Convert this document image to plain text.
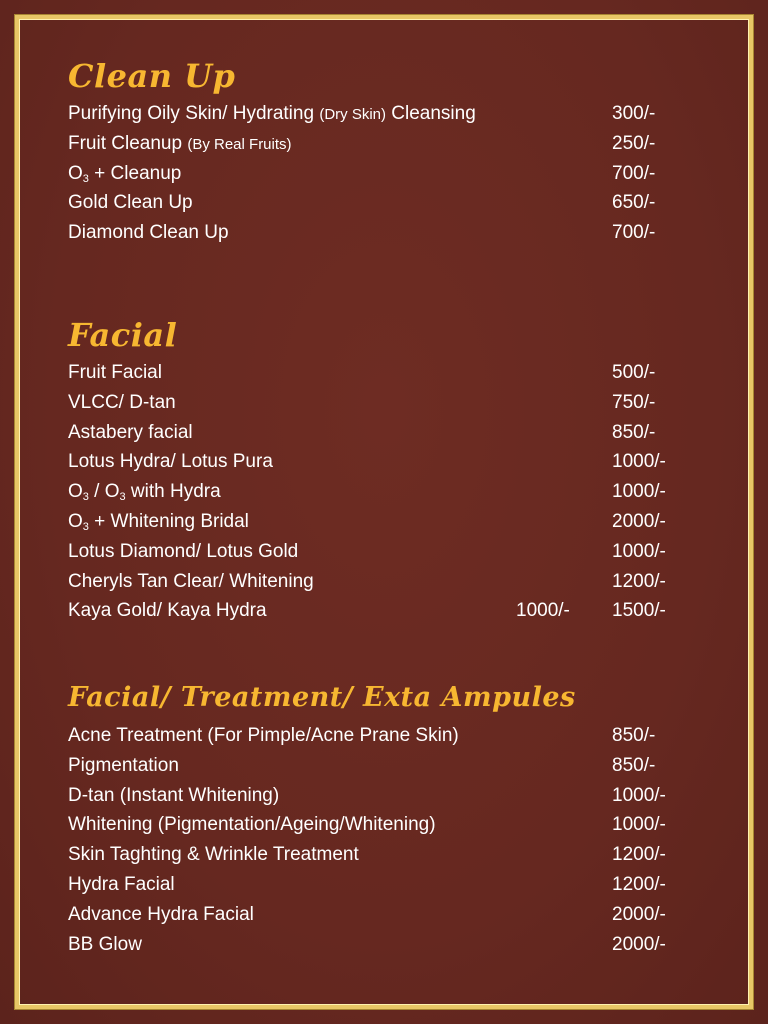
Clean Up
Purifying Oily Skin/ Hydrating (Dry Skin) Cleansing	300/-
Fruit Cleanup (By Real Fruits)	250/-
$O_3$ + Cleanup	700/-
Gold Clean Up	650/-
Diamond Clean Up	700/-
Facial
Fruit Facial	500/-
VLCC/ D-tan	750/-
Astabery facial	850/-
Lotus Hydra/ Lotus Pura	1000/-
$O_3 / O_3$ with Hydra	1000/-
$O_3$ + Whitening Bridal	2000/-
Lotus Diamond/ Lotus Gold	1000/-
Cheryls Tan Clear/ Whitening	1200/-
Kaya Gold/ Kaya Hydra	1000/- 1500/-
Facial/ Treatment/ Exta Ampules
Acne Treatment (For Pimple/Acne Prane Skin)	850/-
Pigmentation	850/-
D-tan (Instant Whitening)	1000/-
Whitening (Pigmentation/Ageing/Whitening)	1000/-
Skin Taghting & Wrinkle Treatment	1200/-
Hydra Facial	1200/-
Advance Hydra Facial	2000/-
BB Glow	2000/-
